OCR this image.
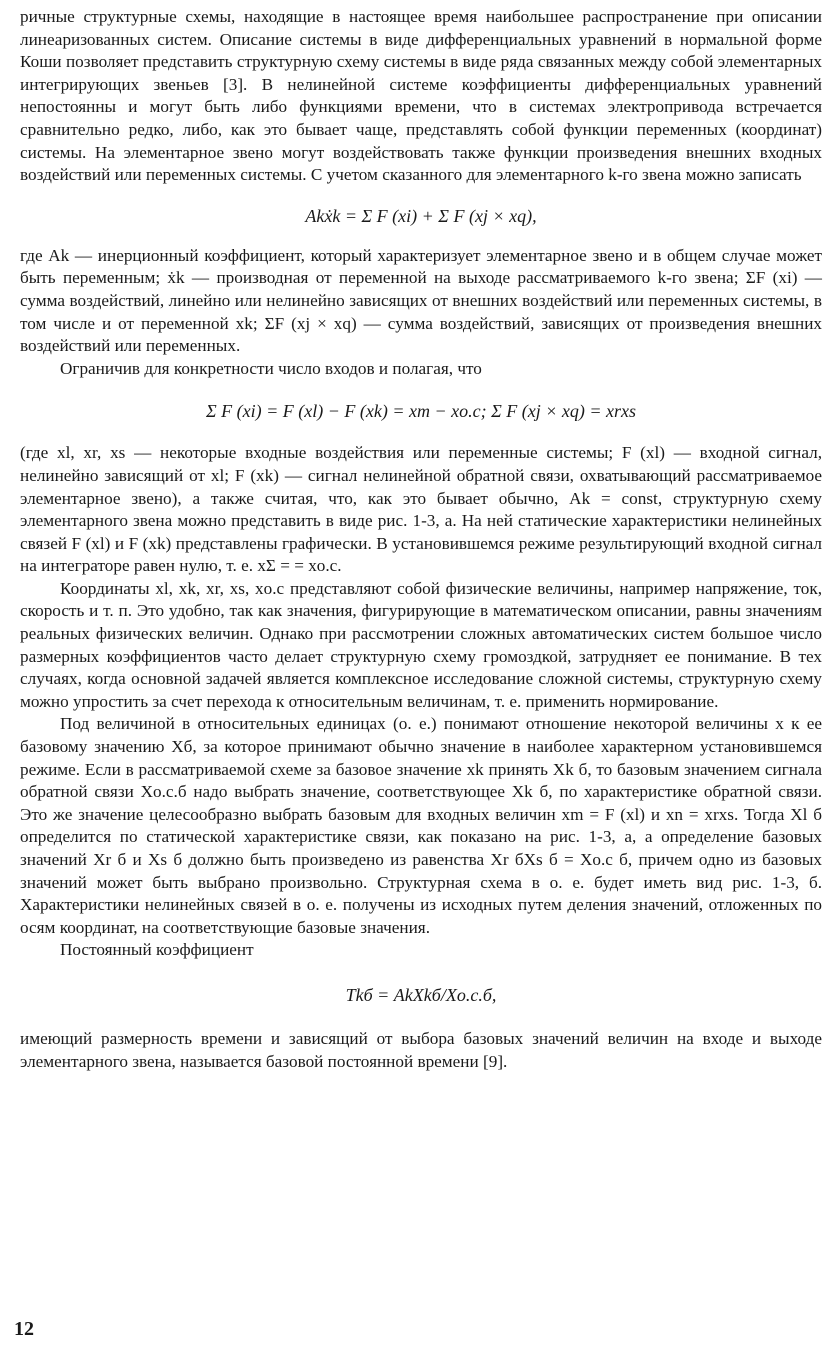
ричные структурные схемы, находящие в настоящее время наибольшее распространение при описании линеаризованных систем. Описание системы в виде дифференциальных уравнений в нормальной форме Коши позволяет представить структурную схему системы в виде ряда связанных между собой элементарных интегрирующих звеньев [3]. В нелинейной системе коэффициенты дифференциальных уравнений непостоянны и могут быть либо функциями времени, что в системах электропривода встречается сравнительно редко, либо, как это бывает чаще, представлять собой функции переменных (координат) системы. На элементарное звено могут воздействовать также функции произведения внешних входных воздействий или переменных системы. С учетом сказанного для элементарного k-го звена можно записать

Akẋk = Σ F (xi) + Σ F (xj × xq),

где Ak — инерционный коэффициент, который характеризует элементарное звено и в общем случае может быть переменным; ẋk — производная от переменной на выходе рассматриваемого k-го звена; ΣF (xi) — сумма воздействий, линейно или нелинейно зависящих от внешних воздействий или переменных системы, в том числе и от переменной xk; ΣF (xj × xq) — сумма воздействий, зависящих от произведения внешних воздействий или переменных.

Ограничив для конкретности число входов и полагая, что

Σ F (xi) = F (xl) − F (xk) = xm − xо.с; Σ F (xj × xq) = xrxs

(где xl, xr, xs — некоторые входные воздействия или переменные системы; F (xl) — входной сигнал, нелинейно зависящий от xl; F (xk) — сигнал нелинейной обратной связи, охватывающий рассматриваемое элементарное звено), а также считая, что, как это бывает обычно, Ak = const, структурную схему элементарного звена можно представить в виде рис. 1-3, а. На ней статические характеристики нелинейных связей F (xl) и F (xk) представлены графически. В установившемся режиме результирующий входной сигнал на интеграторе равен нулю, т. е. xΣ = = xо.с.

Координаты xl, xk, xr, xs, xо.с представляют собой физические величины, например напряжение, ток, скорость и т. п. Это удобно, так как значения, фигурирующие в математическом описании, равны значениям реальных физических величин. Однако при рассмотрении сложных автоматических систем большое число размерных коэффициентов часто делает структурную схему громоздкой, затрудняет ее понимание. В тех случаях, когда основной задачей является комплексное исследование сложной системы, структурную схему можно упростить за счет перехода к относительным величинам, т. е. применить нормирование.

Под величиной в относительных единицах (о. е.) понимают отношение некоторой величины x к ее базовому значению Xб, за которое принимают обычно значение в наиболее характерном установившемся режиме. Если в рассматриваемой схеме за базовое значение xk принять Xk б, то базовым значением сигнала обратной связи Xо.с.б надо выбрать значение, соответствующее Xk б, по характеристике обратной связи. Это же значение целесообразно выбрать базовым для входных величин xm = F (xl) и xn = xrxs. Тогда Xl б определится по статической характеристике связи, как показано на рис. 1-3, а, а определение базовых значений Xr б и Xs б должно быть произведено из равенства Xr бXs б = Xо.с б, причем одно из базовых значений может быть выбрано произвольно. Структурная схема в о. е. будет иметь вид рис. 1-3, б. Характеристики нелинейных связей в о. е. получены из исходных путем деления значений, отложенных по осям координат, на соответствующие базовые значения.

Постоянный коэффициент

Tkб = AkXkб/Xо.с.б,

имеющий размерность времени и зависящий от выбора базовых значений величин на входе и выходе элементарного звена, называется базовой постоянной времени [9].

12
